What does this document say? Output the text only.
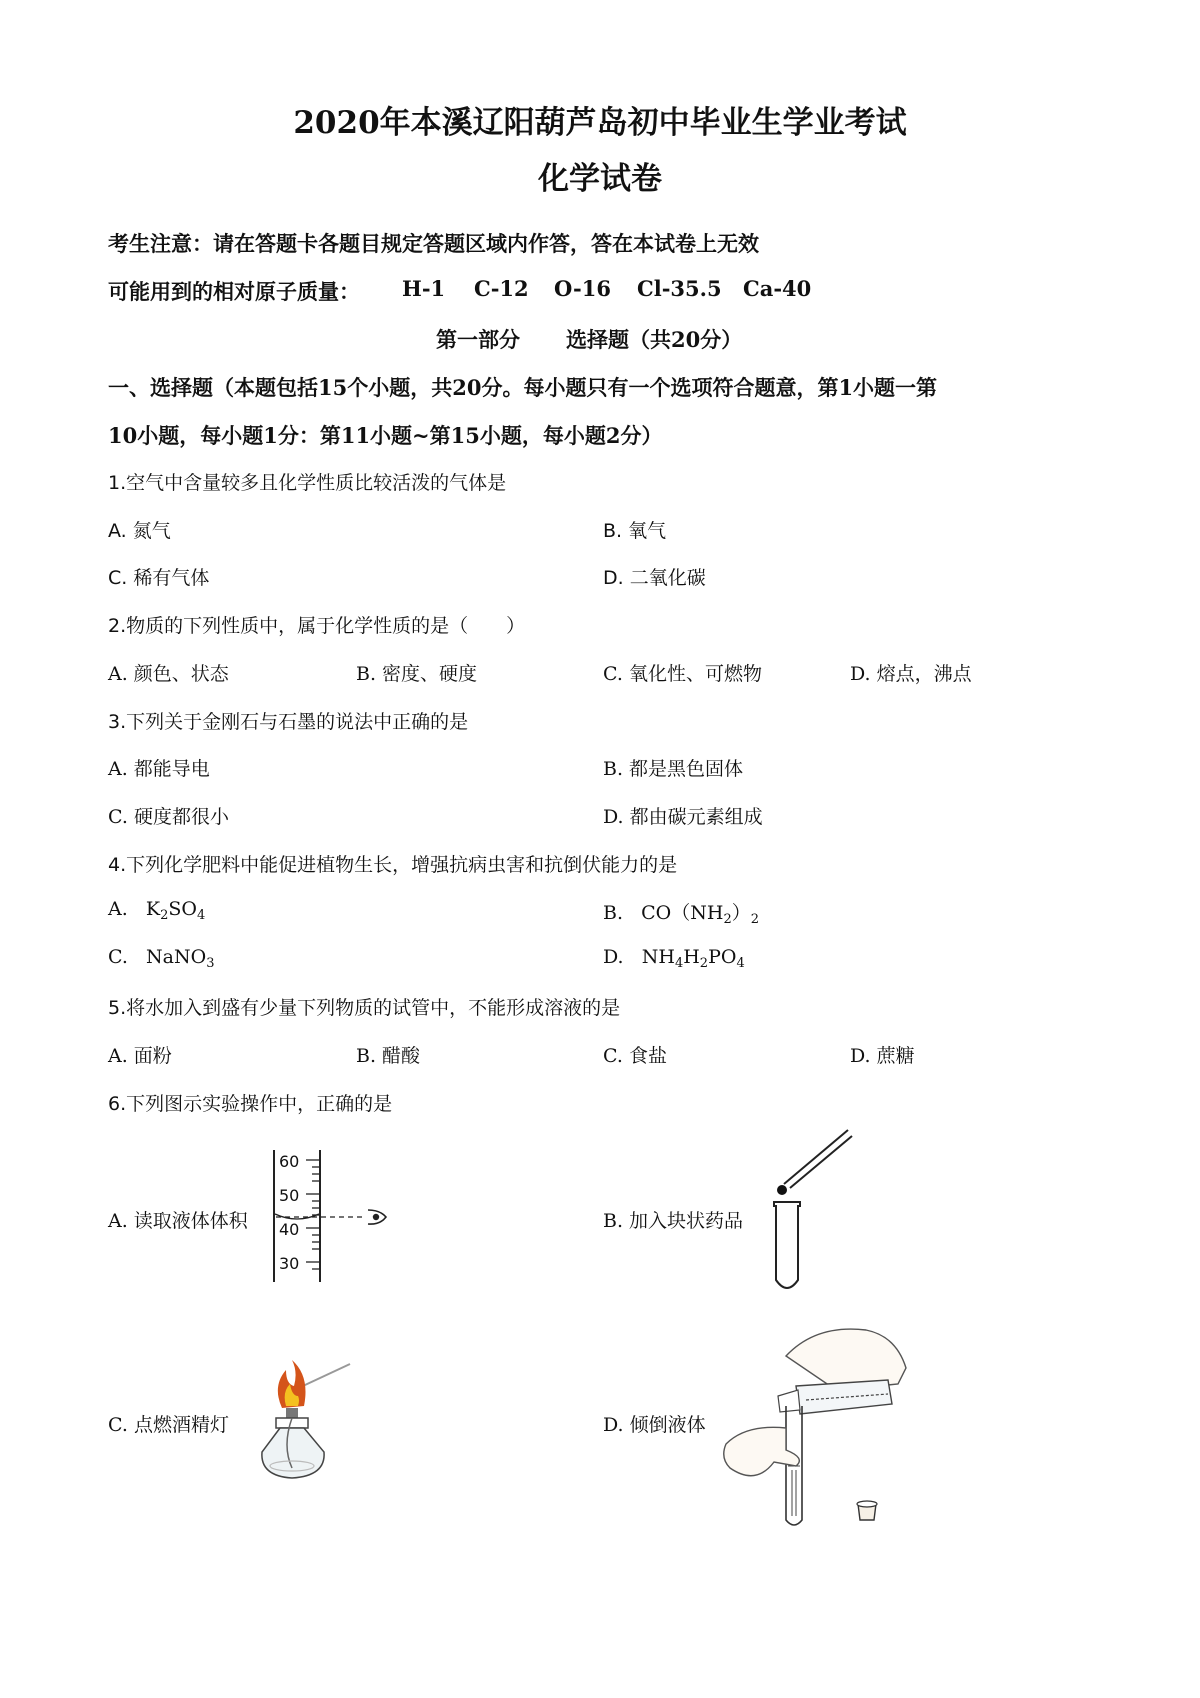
2020年本溪辽阳葫芦岛初中毕业生学业考试
化学试卷
考生注意：请在答题卡各题目规定答题区域内作答，答在本试卷上无效
可能用到的相对原子质量： H-1 C-12 O-16 Cl-35.5 Ca-40
第一部分 选择题（共20分）
一、选择题（本题包括15个小题，共20分。每小题只有一个选项符合题意，第1小题一第
10小题，每小题1分：第11小题~第15小题，每小题2分）
1.空气中含量较多且化学性质比较活泼的气体是
A. 氮气	B. 氧气
C. 稀有气体	D. 二氧化碳
2.物质的下列性质中，属于化学性质的是（　　）
A. 颜色、状态	B. 密度、硬度	C. 氧化性、可燃物	D. 熔点，沸点
3.下列关于金刚石与石墨的说法中正确的是
A. 都能导电	B. 都是黑色固体
C. 硬度都很小	D. 都由碳元素组成
4.下列化学肥料中能促进植物生长，增强抗病虫害和抗倒伏能力的是
A. $K_2SO_4$	B. $CO(NH_2)_2$
C. NaNO$_3$	D. $NH_4H_2PO_4$
5.将水加入到盛有少量下列物质的试管中，不能形成溶液的是
A. 面粉	B. 醋酸	C. 食盐	D. 蔗糖
6.下列图示实验操作中，正确的是
A. 读取液体体积	B. 加入块状药品
C. 点燃酒精灯	D. 倾倒液体
60
50
40
30
